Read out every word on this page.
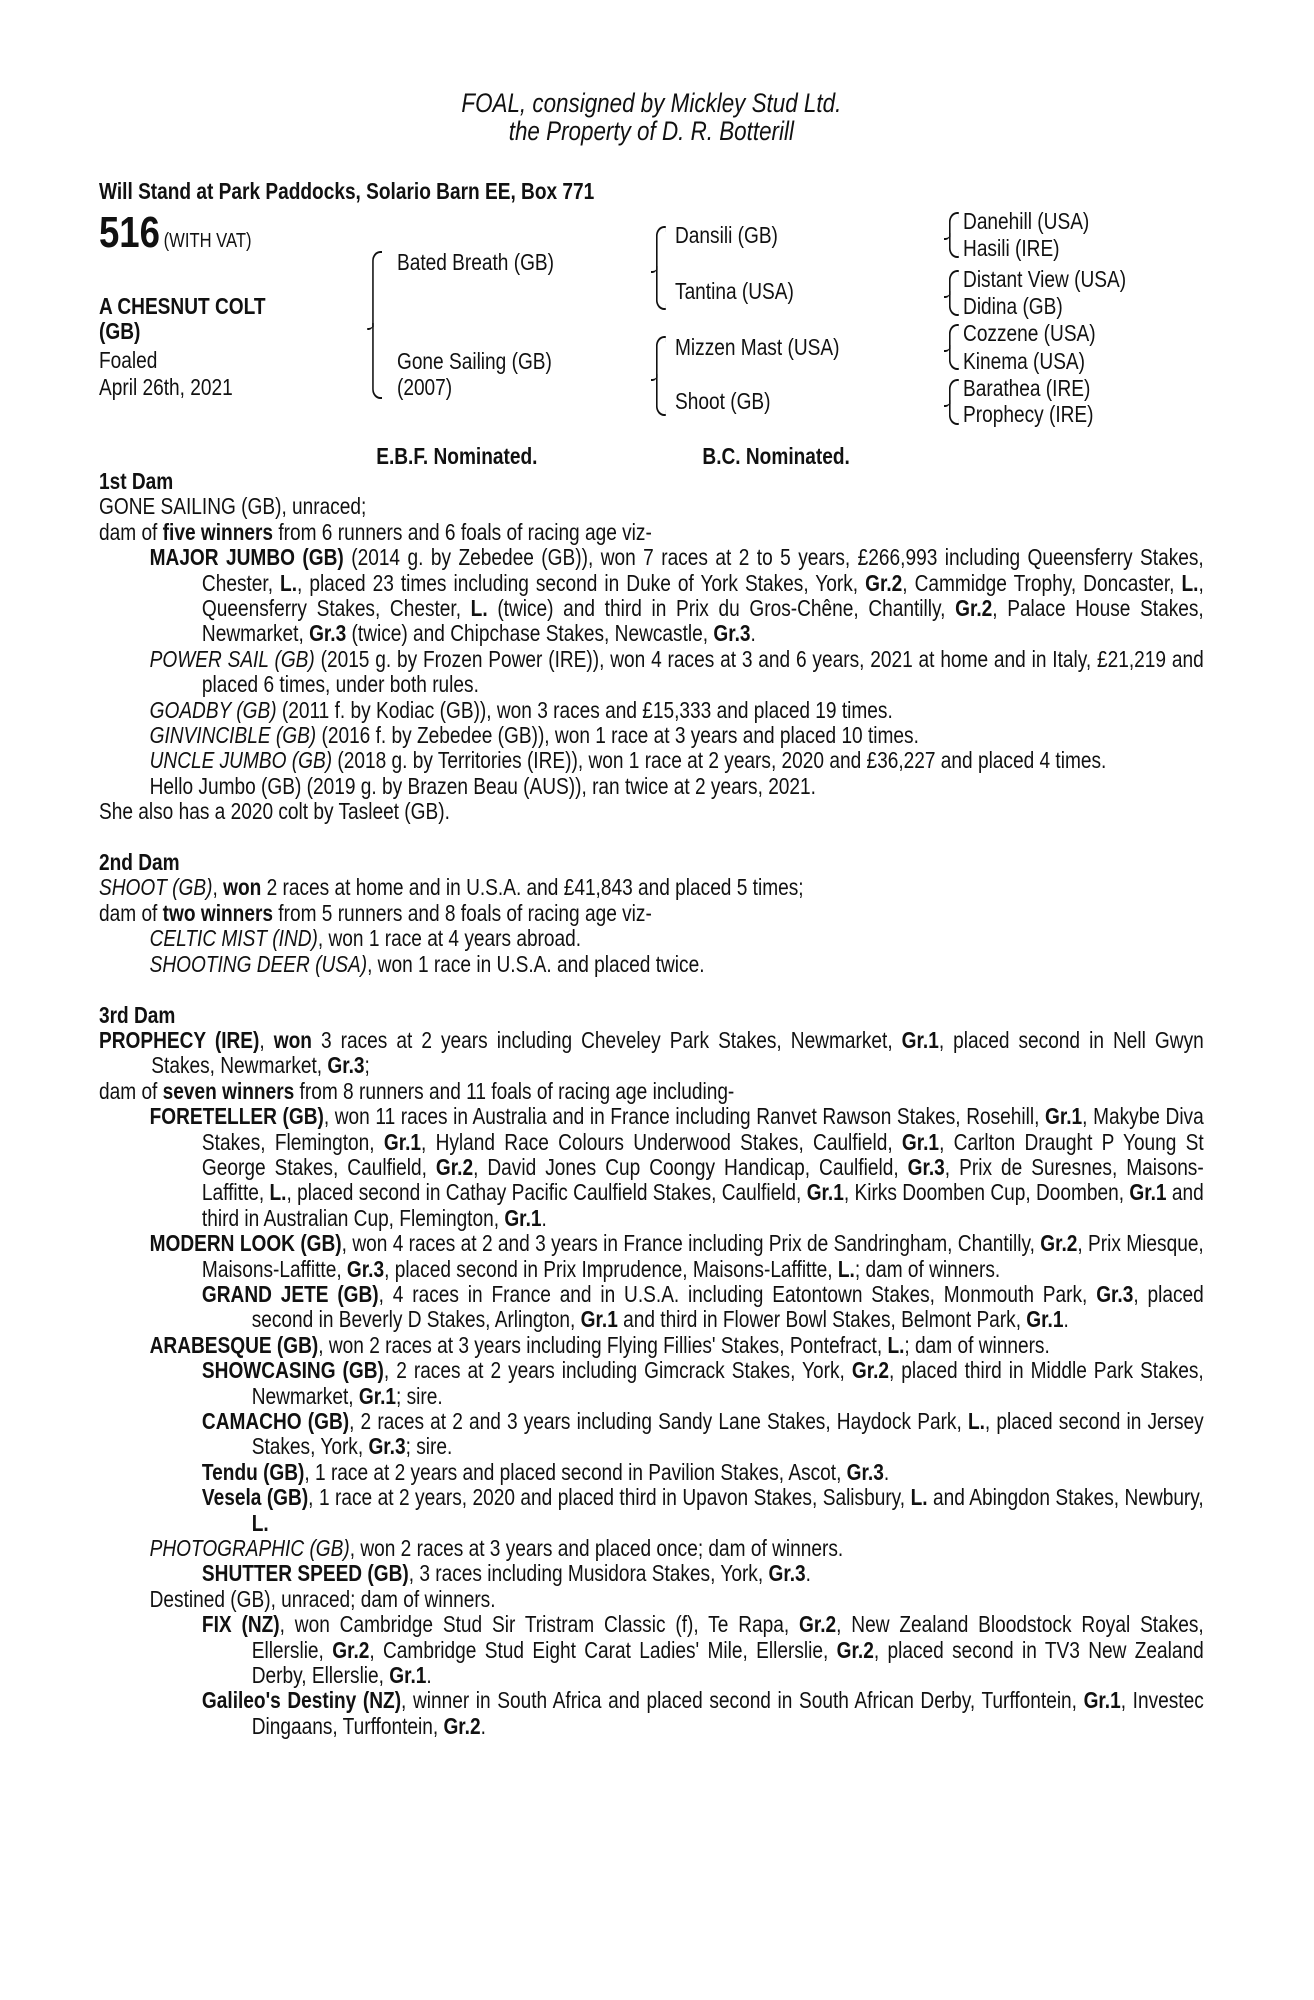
FOAL, consigned by Mickley Stud Ltd.
the Property of D. R. Botterill
Will Stand at Park Paddocks, Solario Barn EE, Box 771
516 (WITH VAT)
A CHESNUT COLT
(GB)
Foaled
April 26th, 2021
Bated Breath (GB)
Gone Sailing (GB)
(2007)
Dansili (GB)
Tantina (USA)
Mizzen Mast (USA)
Shoot (GB)
Danehill (USA)
Hasili (IRE)
Distant View (USA)
Didina (GB)
Cozzene (USA)
Kinema (USA)
Barathea (IRE)
Prophecy (IRE)
E.B.F. Nominated.	B.C. Nominated.
1st Dam
GONE SAILING (GB), unraced;
dam of five winners from 6 runners and 6 foals of racing age viz-
MAJOR JUMBO (GB) (2014 g. by Zebedee (GB)), won 7 races at 2 to 5 years, £266,993 including Queensferry Stakes, Chester, L., placed 23 times including second in Duke of York Stakes, York, Gr.2, Cammidge Trophy, Doncaster, L., Queensferry Stakes, Chester, L. (twice) and third in Prix du Gros-Chêne, Chantilly, Gr.2, Palace House Stakes, Newmarket, Gr.3 (twice) and Chipchase Stakes, Newcastle, Gr.3.
POWER SAIL (GB) (2015 g. by Frozen Power (IRE)), won 4 races at 3 and 6 years, 2021 at home and in Italy, £21,219 and placed 6 times, under both rules.
GOADBY (GB) (2011 f. by Kodiac (GB)), won 3 races and £15,333 and placed 19 times.
GINVINCIBLE (GB) (2016 f. by Zebedee (GB)), won 1 race at 3 years and placed 10 times.
UNCLE JUMBO (GB) (2018 g. by Territories (IRE)), won 1 race at 2 years, 2020 and £36,227 and placed 4 times.
Hello Jumbo (GB) (2019 g. by Brazen Beau (AUS)), ran twice at 2 years, 2021.
She also has a 2020 colt by Tasleet (GB).
2nd Dam
SHOOT (GB), won 2 races at home and in U.S.A. and £41,843 and placed 5 times;
dam of two winners from 5 runners and 8 foals of racing age viz-
CELTIC MIST (IND), won 1 race at 4 years abroad.
SHOOTING DEER (USA), won 1 race in U.S.A. and placed twice.
3rd Dam
PROPHECY (IRE), won 3 races at 2 years including Cheveley Park Stakes, Newmarket, Gr.1, placed second in Nell Gwyn Stakes, Newmarket, Gr.3;
dam of seven winners from 8 runners and 11 foals of racing age including-
FORETELLER (GB), won 11 races in Australia and in France including Ranvet Rawson Stakes, Rosehill, Gr.1, Makybe Diva Stakes, Flemington, Gr.1, Hyland Race Colours Underwood Stakes, Caulfield, Gr.1, Carlton Draught P Young St George Stakes, Caulfield, Gr.2, David Jones Cup Coongy Handicap, Caulfield, Gr.3, Prix de Suresnes, Maisons-Laffitte, L., placed second in Cathay Pacific Caulfield Stakes, Caulfield, Gr.1, Kirks Doomben Cup, Doomben, Gr.1 and third in Australian Cup, Flemington, Gr.1.
MODERN LOOK (GB), won 4 races at 2 and 3 years in France including Prix de Sandringham, Chantilly, Gr.2, Prix Miesque, Maisons-Laffitte, Gr.3, placed second in Prix Imprudence, Maisons-Laffitte, L.; dam of winners.
GRAND JETE (GB), 4 races in France and in U.S.A. including Eatontown Stakes, Monmouth Park, Gr.3, placed second in Beverly D Stakes, Arlington, Gr.1 and third in Flower Bowl Stakes, Belmont Park, Gr.1.
ARABESQUE (GB), won 2 races at 3 years including Flying Fillies' Stakes, Pontefract, L.; dam of winners.
SHOWCASING (GB), 2 races at 2 years including Gimcrack Stakes, York, Gr.2, placed third in Middle Park Stakes, Newmarket, Gr.1; sire.
CAMACHO (GB), 2 races at 2 and 3 years including Sandy Lane Stakes, Haydock Park, L., placed second in Jersey Stakes, York, Gr.3; sire.
Tendu (GB), 1 race at 2 years and placed second in Pavilion Stakes, Ascot, Gr.3.
Vesela (GB), 1 race at 2 years, 2020 and placed third in Upavon Stakes, Salisbury, L. and Abingdon Stakes, Newbury, L.
PHOTOGRAPHIC (GB), won 2 races at 3 years and placed once; dam of winners.
SHUTTER SPEED (GB), 3 races including Musidora Stakes, York, Gr.3.
Destined (GB), unraced; dam of winners.
FIX (NZ), won Cambridge Stud Sir Tristram Classic (f), Te Rapa, Gr.2, New Zealand Bloodstock Royal Stakes, Ellerslie, Gr.2, Cambridge Stud Eight Carat Ladies' Mile, Ellerslie, Gr.2, placed second in TV3 New Zealand Derby, Ellerslie, Gr.1.
Galileo's Destiny (NZ), winner in South Africa and placed second in South African Derby, Turffontein, Gr.1, Investec Dingaans, Turffontein, Gr.2.
